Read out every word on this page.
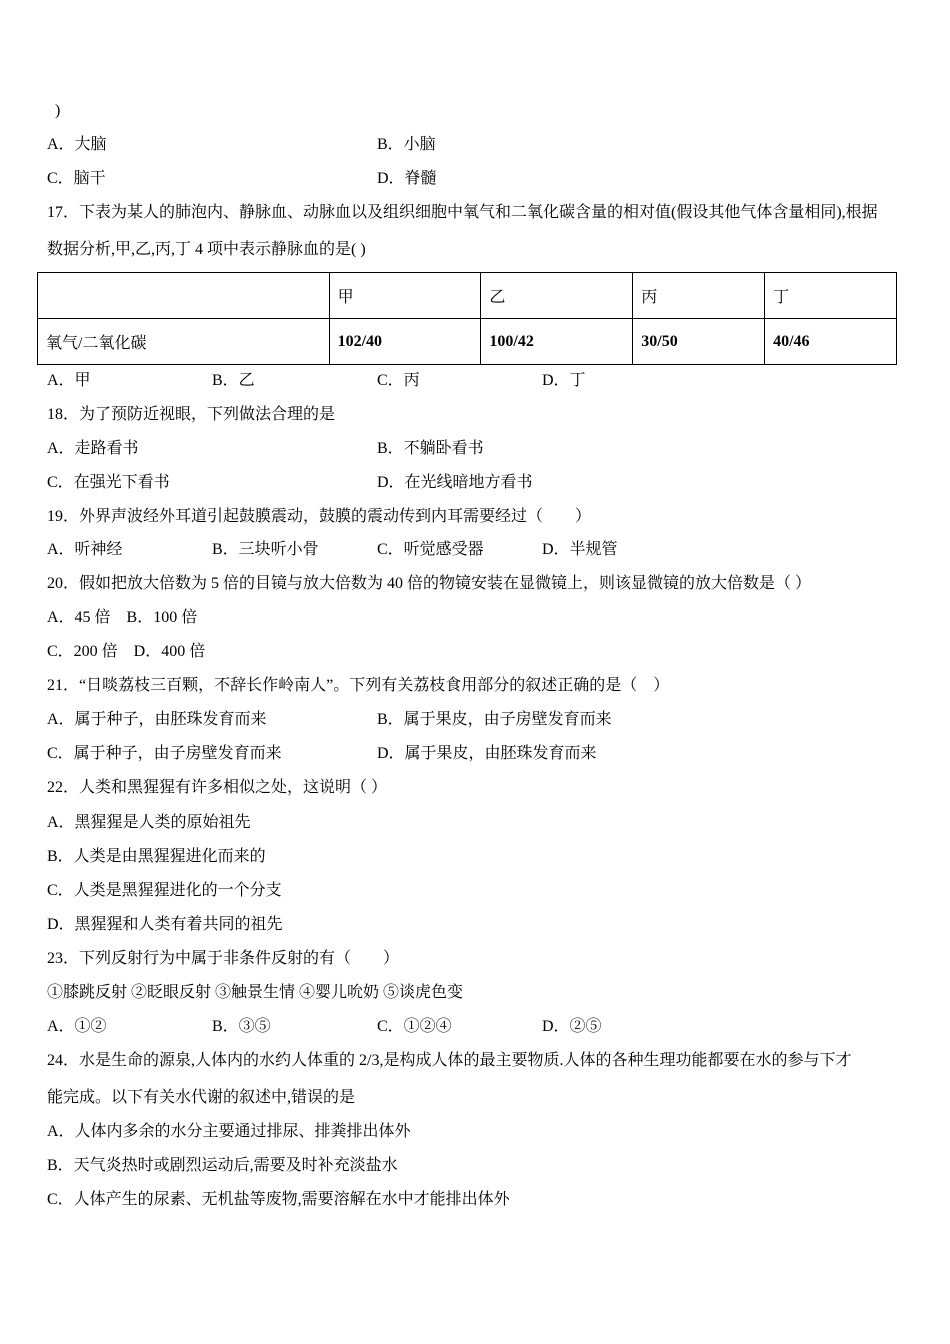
)
A．大脑	B．小脑
C．脑干	D．脊髓
17．下表为某人的肺泡内、静脉血、动脉血以及组织细胞中氧气和二氧化碳含量的相对值(假设其他气体含量相同),根据
数据分析,甲,乙,丙,丁 4 项中表示静脉血的是( )
	甲	乙	丙	丁
氧气/二氧化碳	102/40	100/42	30/50	40/46
A．甲	B．乙	C．丙	D．丁
18．为了预防近视眼，下列做法合理的是
A．走路看书	B．不躺卧看书
C．在强光下看书	D．在光线暗地方看书
19．外界声波经外耳道引起鼓膜震动，鼓膜的震动传到内耳需要经过（　　）
A．听神经	B．三块听小骨	C．听觉感受器	D．半规管
20．假如把放大倍数为 5 倍的目镜与放大倍数为 40 倍的物镜安装在显微镜上，则该显微镜的放大倍数是（ ）
A．45 倍　B．100 倍
C．200 倍　D．400 倍
21．“日啖荔枝三百颗，不辞长作岭南人”。下列有关荔枝食用部分的叙述正确的是（　）
A．属于种子，由胚珠发育而来	B．属于果皮，由子房壁发育而来
C．属于种子，由子房壁发育而来	D．属于果皮，由胚珠发育而来
22．人类和黑猩猩有许多相似之处，这说明（ ）
A．黑猩猩是人类的原始祖先
B．人类是由黑猩猩进化而来的
C．人类是黑猩猩进化的一个分支
D．黑猩猩和人类有着共同的祖先
23．下列反射行为中属于非条件反射的有（　　）
①膝跳反射 ②眨眼反射 ③触景生情 ④婴儿吮奶 ⑤谈虎色变
A．①②	B．③⑤	C．①②④	D．②⑤
24．水是生命的源泉,人体内的水约人体重的 2/3,是构成人体的最主要物质.人体的各种生理功能都要在水的参与下才
能完成。以下有关水代谢的叙述中,错误的是
A．人体内多余的水分主要通过排尿、排粪排出体外
B．天气炎热时或剧烈运动后,需要及时补充淡盐水
C．人体产生的尿素、无机盐等废物,需要溶解在水中才能排出体外
